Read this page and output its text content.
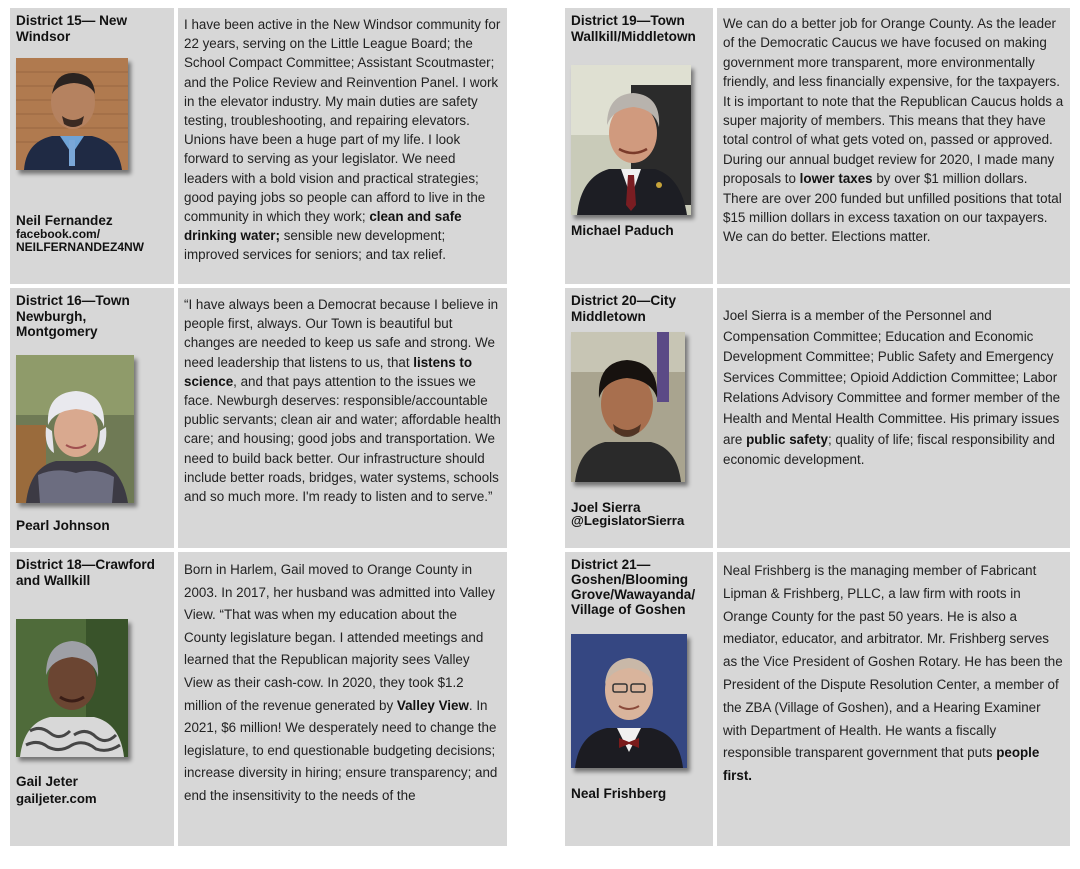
District 15— New Windsor
Neil Fernandez
facebook.com/
NEILFERNANDEZ4NW
I have been active in the New Windsor community for 22 years, serving on the Little League Board; the School Compact Committee; Assistant Scoutmaster; and the Police Review and Reinvention Panel. I work in the elevator industry. My main duties are safety testing, troubleshooting, and repairing elevators. Unions have been a huge part of my life. I look forward to serving as your legislator. We need leaders with a bold vision and practical strategies; good paying jobs so people can afford to live in the community in which they work; clean and safe drinking water; sensible new development; improved services for seniors; and tax relief.
District 16—Town Newburgh, Montgomery
Pearl Johnson
“I have always been a Democrat because I believe in people first, always. Our Town is beautiful but changes are needed to keep us safe and strong. We need leadership that listens to us, that listens to science, and that pays attention to the issues we face. Newburgh deserves: responsible/accountable public servants; clean air and water; affordable health care; and housing; good jobs and transportation. We need to build back better. Our infrastructure should include better roads, bridges, water systems, schools and so much more. I'm ready to listen and to serve.”
District 18—Crawford and Wallkill
Gail Jeter
gailjeter.com
Born in Harlem, Gail moved to Orange County in 2003. In 2017, her husband was admitted into Valley View. “That was when my education about the County legislature began. I attended meetings and learned that the Republican majority sees Valley View as their cash-cow. In 2020, they took $1.2 million of the revenue generated by Valley View. In 2021, $6 million! We desperately need to change the legislature, to end questionable budgeting decisions; increase diversity in hiring; ensure transparency; and end the insensitivity to the needs of the
District 19—Town Wallkill/Middletown
Michael Paduch
We can do a better job for Orange County. As the leader of the Democratic Caucus we have focused on making government more transparent, more environmentally friendly, and less financially expensive, for the taxpayers. It is important to note that the Republican Caucus holds a super majority of members. This means that they have total control of what gets voted on, passed or approved. During our annual budget review for 2020, I made many proposals to lower taxes by over $1 million dollars. There are over 200 funded but unfilled positions that total $15 million dollars in excess taxation on our taxpayers. We can do better. Elections matter.
District 20—City Middletown
Joel Sierra
@LegislatorSierra
Joel Sierra is a member of the Personnel and Compensation Committee; Education and Economic Development Committee; Public Safety and Emergency Services Committee; Opioid Addiction Committee; Labor Relations Advisory Committee and former member of the Health and Mental Health Committee. His primary issues are public safety; quality of life; fiscal responsibility and economic development.
District 21—Goshen/Blooming Grove/Wawayanda/ Village of Goshen
Neal Frishberg
Neal Frishberg is the managing member of Fabricant Lipman & Frishberg, PLLC, a law firm with roots in Orange County for the past 50 years. He is also a mediator, educator, and arbitrator. Mr. Frishberg serves as the Vice President of Goshen Rotary. He has been the President of the Dispute Resolution Center, a member of the ZBA (Village of Goshen), and a Hearing Examiner with Department of Health. He wants a fiscally responsible transparent government that puts people first.
